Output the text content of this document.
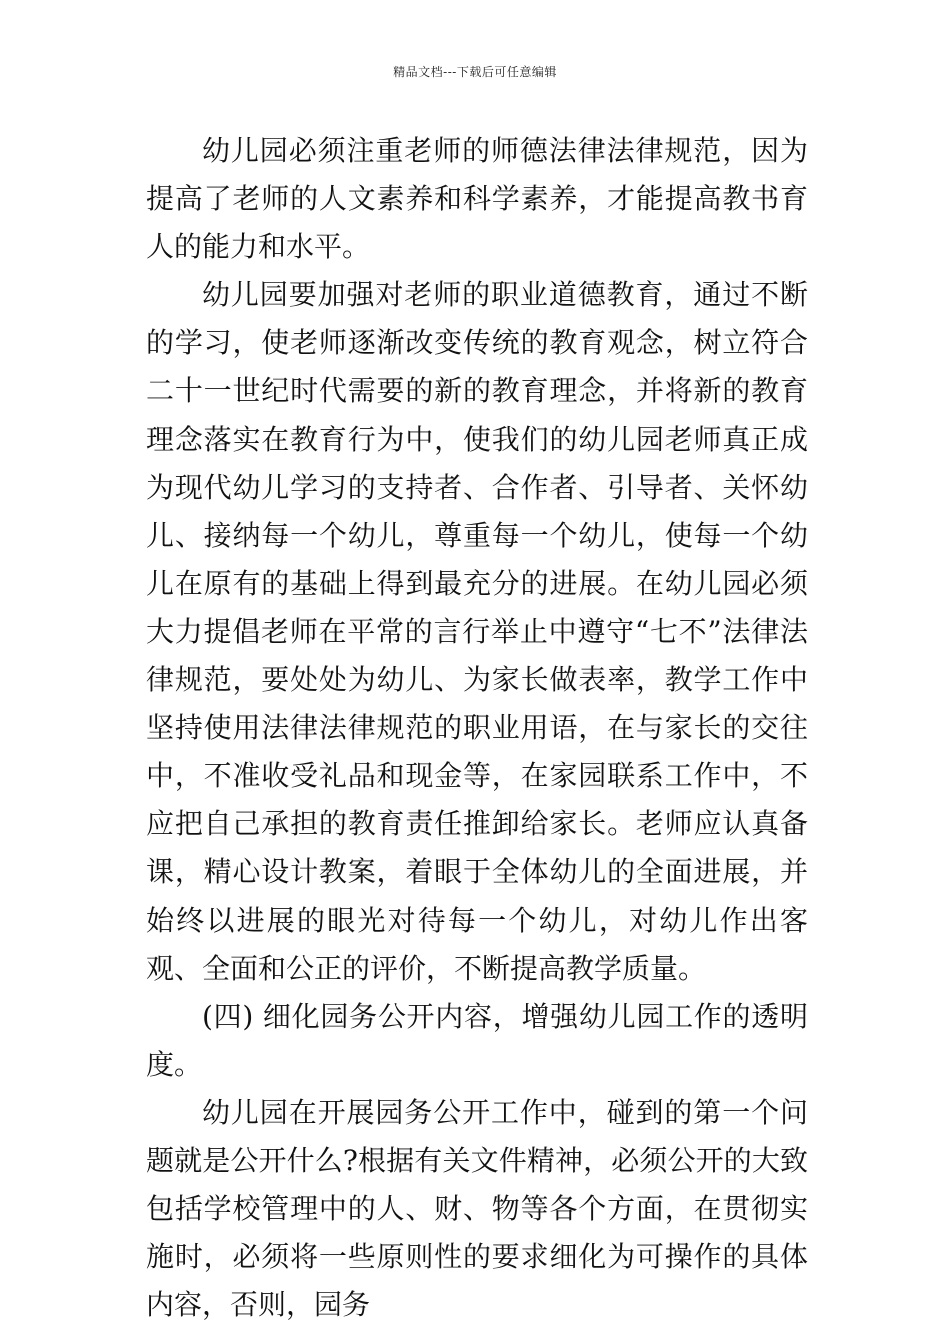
精品文档---下载后可任意编辑

幼儿园必须注重老师的师德法律法律规范，因为提高了老师的人文素养和科学素养，才能提高教书育人的能力和水平。

幼儿园要加强对老师的职业道德教育，通过不断的学习，使老师逐渐改变传统的教育观念，树立符合二十一世纪时代需要的新的教育理念，并将新的教育理念落实在教育行为中，使我们的幼儿园老师真正成为现代幼儿学习的支持者、合作者、引导者、关怀幼儿、接纳每一个幼儿，尊重每一个幼儿，使每一个幼儿在原有的基础上得到最充分的进展。在幼儿园必须大力提倡老师在平常的言行举止中遵守“七不”法律法律规范，要处处为幼儿、为家长做表率，教学工作中坚持使用法律法律规范的职业用语，在与家长的交往中，不准收受礼品和现金等，在家园联系工作中，不应把自己承担的教育责任推卸给家长。老师应认真备课，精心设计教案，着眼于全体幼儿的全面进展，并始终以进展的眼光对待每一个幼儿，对幼儿作出客观、全面和公正的评价，不断提高教学质量。

(四) 细化园务公开内容，增强幼儿园工作的透明度。

幼儿园在开展园务公开工作中，碰到的第一个问题就是公开什么?根据有关文件精神，必须公开的大致包括学校管理中的人、财、物等各个方面，在贯彻实施时，必须将一些原则性的要求细化为可操作的具体内容，否则，园务
